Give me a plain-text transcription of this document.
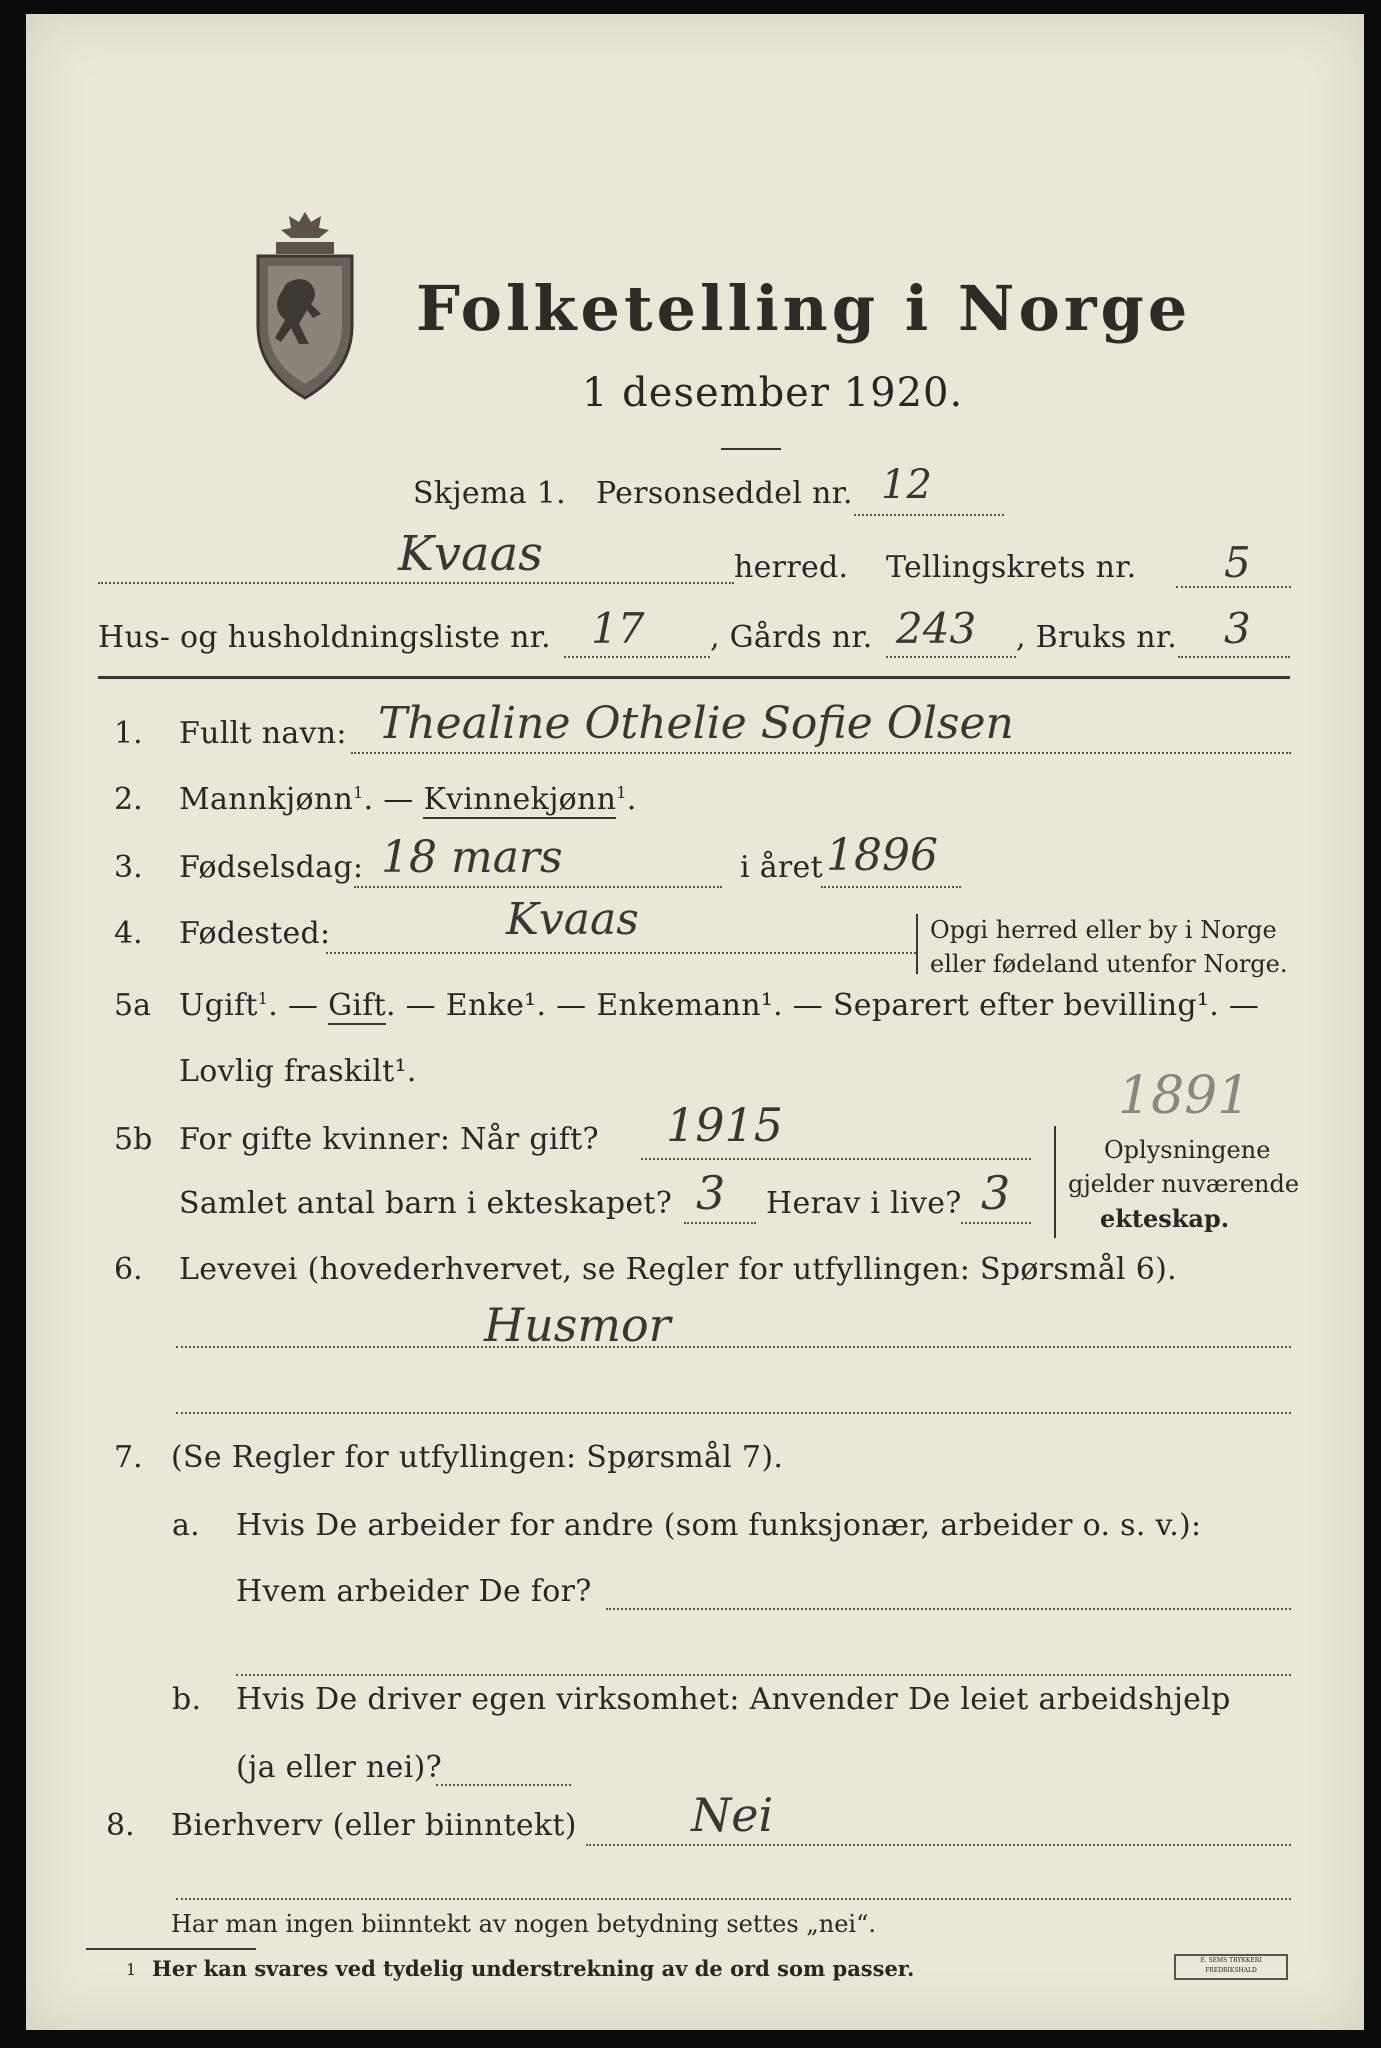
Folketelling i Norge
1 desember 1920.
Skjema 1. Personseddel nr. 12
Kvaas	herred. Tellingskrets nr. 5
Hus- og husholdningsliste nr. 17 , Gårds nr. 243 , Bruks nr. 3
1. Fullt navn: Thealine Othelie Sofie Olsen
2. Mannkjønn$^1$. — Kvinnekjønn$^1$.
3. Fødselsdag: 18 mars	i året 1896
4. Fødested:	Kvaas	Opgi herred eller by i Norge
eller fødeland utenfor Norge.
5a Ugift$^1$. — Gift. — Enke¹. — Enkemann¹. — Separert efter bevilling¹. —
Lovlig fraskilt¹.	1891
5b For gifte kvinner: Når gift? 1915
Samlet antal barn i ekteskapet? 3 Herav i live? 3
Oplysningene
gjelder nuværende
ekteskap.
6. Levevei (hovederhvervet, se Regler for utfyllingen: Spørsmål 6).
Husmor
7. (Se Regler for utfyllingen: Spørsmål 7).
a. Hvis De arbeider for andre (som funksjonær, arbeider o. s. v.):
Hvem arbeider De for?
b. Hvis De driver egen virksomhet: Anvender De leiet arbeidshjelp
(ja eller nei)?
8. Bierhverv (eller biinntekt) Nei
Har man ingen biinntekt av nogen betydning settes „nei“.
1 Her kan svares ved tydelig understrekning av de ord som passer.	E. SEMS TRYKKERI
FREDRIKSHALD
